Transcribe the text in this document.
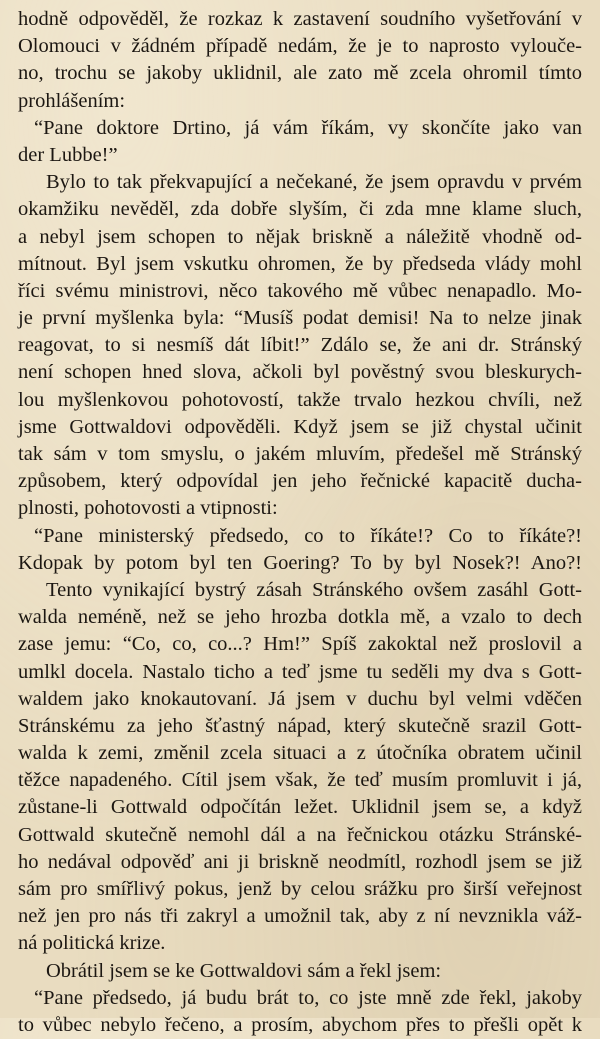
hodně odpověděl, že rozkaz k zastavení soudního vyšetřování v
Olomouci v žádném případě nedám, že je to naprosto vylouče-
no, trochu se jakoby uklidnil, ale zato mě zcela ohromil tímto
prohlášením:
“Pane doktore Drtino, já vám říkám, vy skončíte jako van
der Lubbe!”
Bylo to tak překvapující a nečekané, že jsem opravdu v prvém
okamžiku nevěděl, zda dobře slyším, či zda mne klame sluch,
a nebyl jsem schopen to nějak briskně a náležitě vhodně od-
mítnout. Byl jsem vskutku ohromen, že by předseda vlády mohl
říci svému ministrovi, něco takového mě vůbec nenapadlo. Mo-
je první myšlenka byla: “Musíš podat demisi! Na to nelze jinak
reagovat, to si nesmíš dát líbit!” Zdálo se, že ani dr. Stránský
není schopen hned slova, ačkoli byl pověstný svou bleskurych-
lou myšlenkovou pohotovostí, takže trvalo hezkou chvíli, než
jsme Gottwaldovi odpověděli. Když jsem se již chystal učinit
tak sám v tom smyslu, o jakém mluvím, předešel mě Stránský
způsobem, který odpovídal jen jeho řečnické kapacitě ducha-
plnosti, pohotovosti a vtipnosti:
“Pane ministerský předsedo, co to říkáte!? Co to říkáte?!
Kdopak by potom byl ten Goering? To by byl Nosek?! Ano?!
Tento vynikající bystrý zásah Stránského ovšem zasáhl Gott-
walda neméně, než se jeho hrozba dotkla mě, a vzalo to dech
zase jemu: “Co, co, co...? Hm!” Spíš zakoktal než proslovil a
umlkl docela. Nastalo ticho a teď jsme tu seděli my dva s Gott-
waldem jako knokautovaní. Já jsem v duchu byl velmi vděčen
Stránskému za jeho šťastný nápad, který skutečně srazil Gott-
walda k zemi, změnil zcela situaci a z útočníka obratem učinil
těžce napadeného. Cítil jsem však, že teď musím promluvit i já,
zůstane-li Gottwald odpočítán ležet. Uklidnil jsem se, a když
Gottwald skutečně nemohl dál a na řečnickou otázku Stránské-
ho nedával odpověď ani ji briskně neodmítl, rozhodl jsem se již
sám pro smířlivý pokus, jenž by celou srážku pro širší veřejnost
než jen pro nás tři zakryl a umožnil tak, aby z ní nevznikla váž-
ná politická krize.
Obrátil jsem se ke Gottwaldovi sám a řekl jsem:
“Pane předsedo, já budu brát to, co jste mně zde řekl, jakoby
to vůbec nebylo řečeno, a prosím, abychom přes to přešli opět k
